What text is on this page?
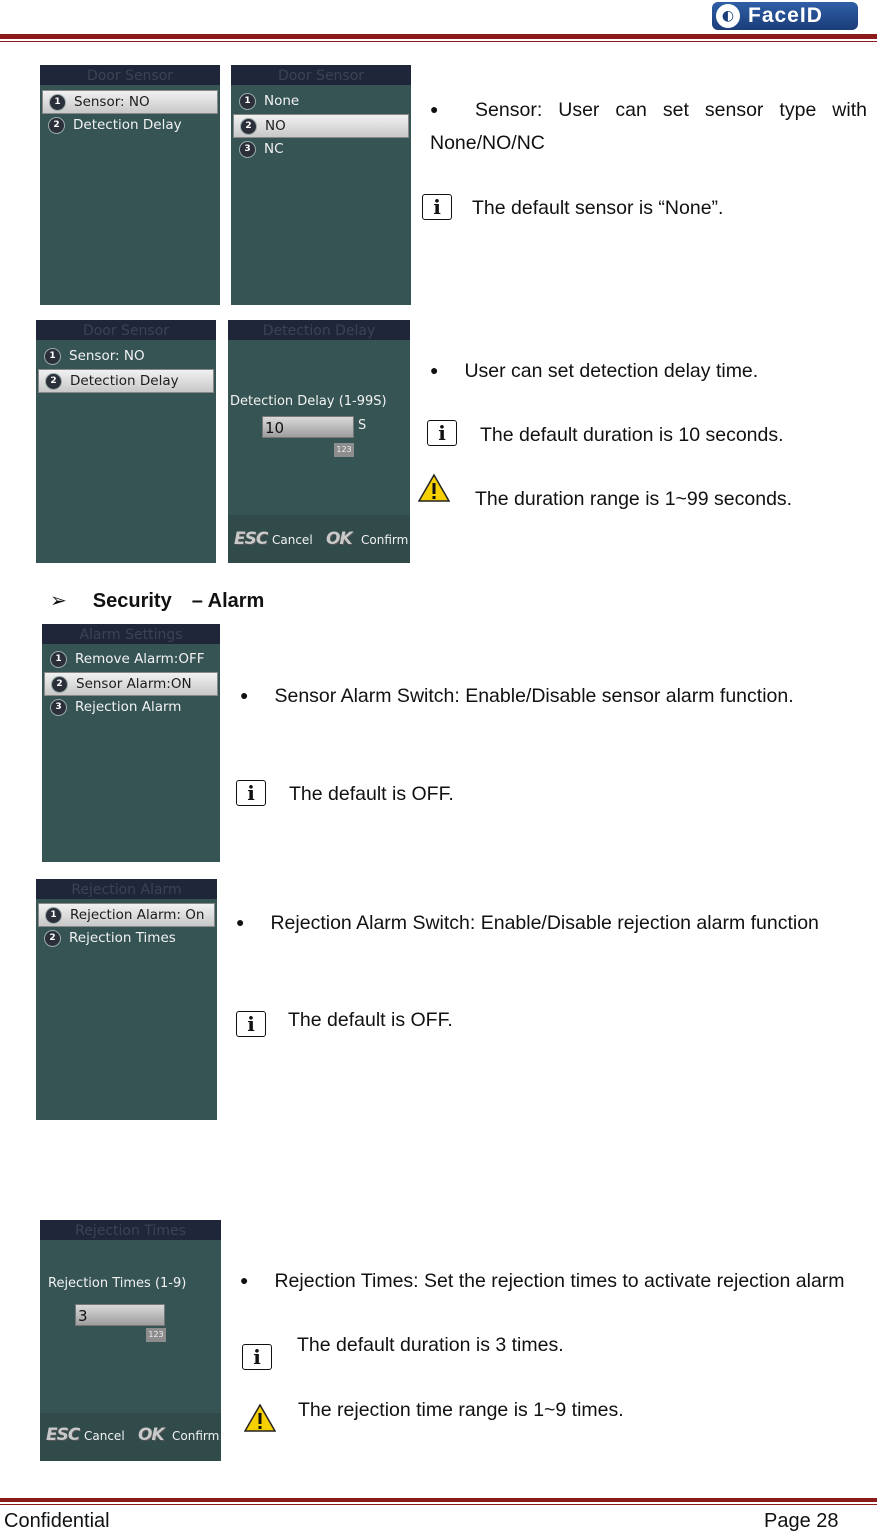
◐ FaceID
Door Sensor
1 Sensor: NO
2 Detection Delay
Door Sensor
1 None
2 NO
3 NC
● Sensor: User can set sensor type with None/NO/NC
i The default sensor is “None”.
Door Sensor
1 Sensor: NO
2 Detection Delay
Detection Delay
Detection Delay (1-99S)
10	S
123
ESC Cancel OK Confirm
● User can set detection delay time.
i The default duration is 10 seconds.
The duration range is 1~99 seconds.
➢ Security　– Alarm
Alarm Settings
1 Remove Alarm:OFF
2 Sensor Alarm:ON
3 Rejection Alarm
●	Sensor Alarm Switch: Enable/Disable sensor alarm function.
i The default is OFF.
Rejection Alarm
1 Rejection Alarm: On
2 Rejection Times
● Rejection Alarm Switch: Enable/Disable rejection alarm function
i The default is OFF.
Rejection Times
Rejection Times (1-9)
3
123
ESC Cancel OK Confirm
● Rejection Times: Set the rejection times to activate rejection alarm
i The default duration is 3 times.
The rejection time range is 1~9 times.
Confidential	Page 28
